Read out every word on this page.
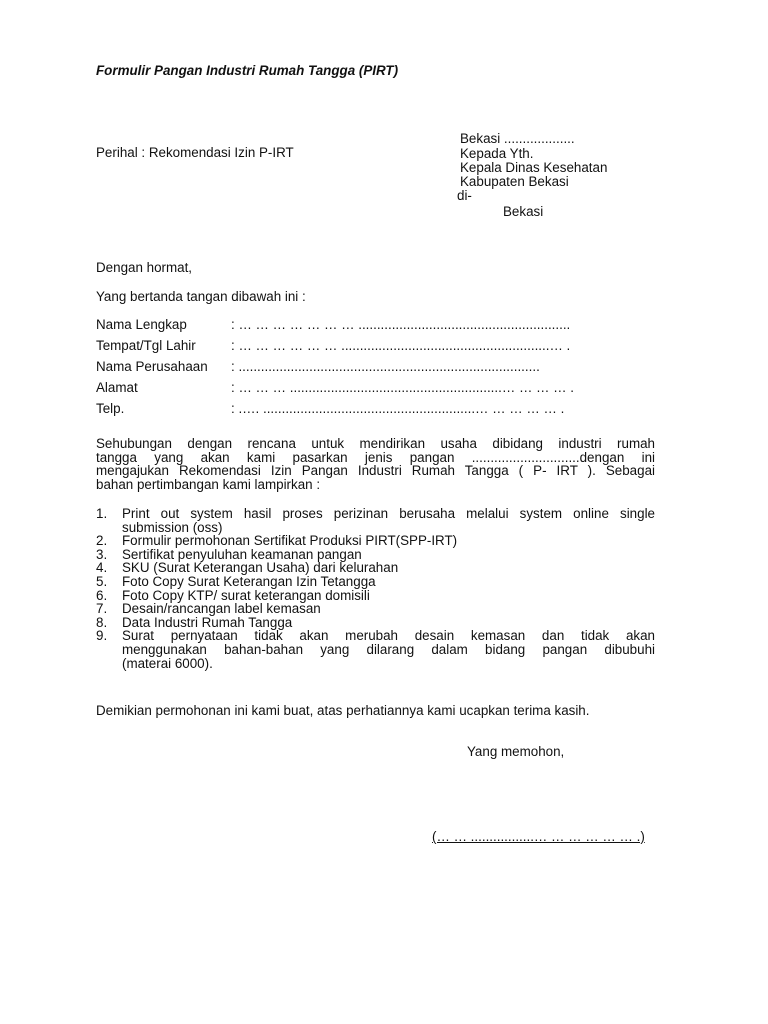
Formulir Pangan Industri Rumah Tangga (PIRT)
Perihal : Rekomendasi Izin P-IRT
Bekasi ...................
Kepada Yth.
Kepala Dinas Kesehatan
Kabupaten Bekasi
di-
Bekasi
Dengan hormat,
Yang bertanda tangan dibawah ini :
Nama Lengkap	: … … … … … … … .........................................................
Tempat/Tgl Lahir	: … … … … … … ........................................................… .
Nama Perusahaan : .................................................................................
Alamat	: … … … .........................................................… … … … .
Telp.	: .…. .........................................................… … … … … .
Sehubungan dengan rencana untuk mendirikan usaha dibidang industri rumah
tangga yang akan kami pasarkan jenis pangan .............................dengan ini
mengajukan Rekomendasi Izin Pangan Industri Rumah Tangga ( P- IRT ). Sebagai
bahan pertimbangan kami lampirkan :
1. Print out system hasil proses perizinan berusaha melalui system online single
submission (oss)
2. Formulir permohonan Sertifikat Produksi PIRT(SPP-IRT)
3. Sertifikat penyuluhan keamanan pangan
4. SKU (Surat Keterangan Usaha) dari kelurahan
5. Foto Copy Surat Keterangan Izin Tetangga
6. Foto Copy KTP/ surat keterangan domisili
7. Desain/rancangan label kemasan
8. Data Industri Rumah Tangga
9. Surat pernyataan tidak akan merubah desain kemasan dan tidak akan
menggunakan bahan-bahan yang dilarang dalam bidang pangan dibubuhi
(materai 6000).
Demikian permohonan ini kami buat, atas perhatiannya kami ucapkan terima kasih.
Yang memohon,
(… … .................… … … … … … .)
